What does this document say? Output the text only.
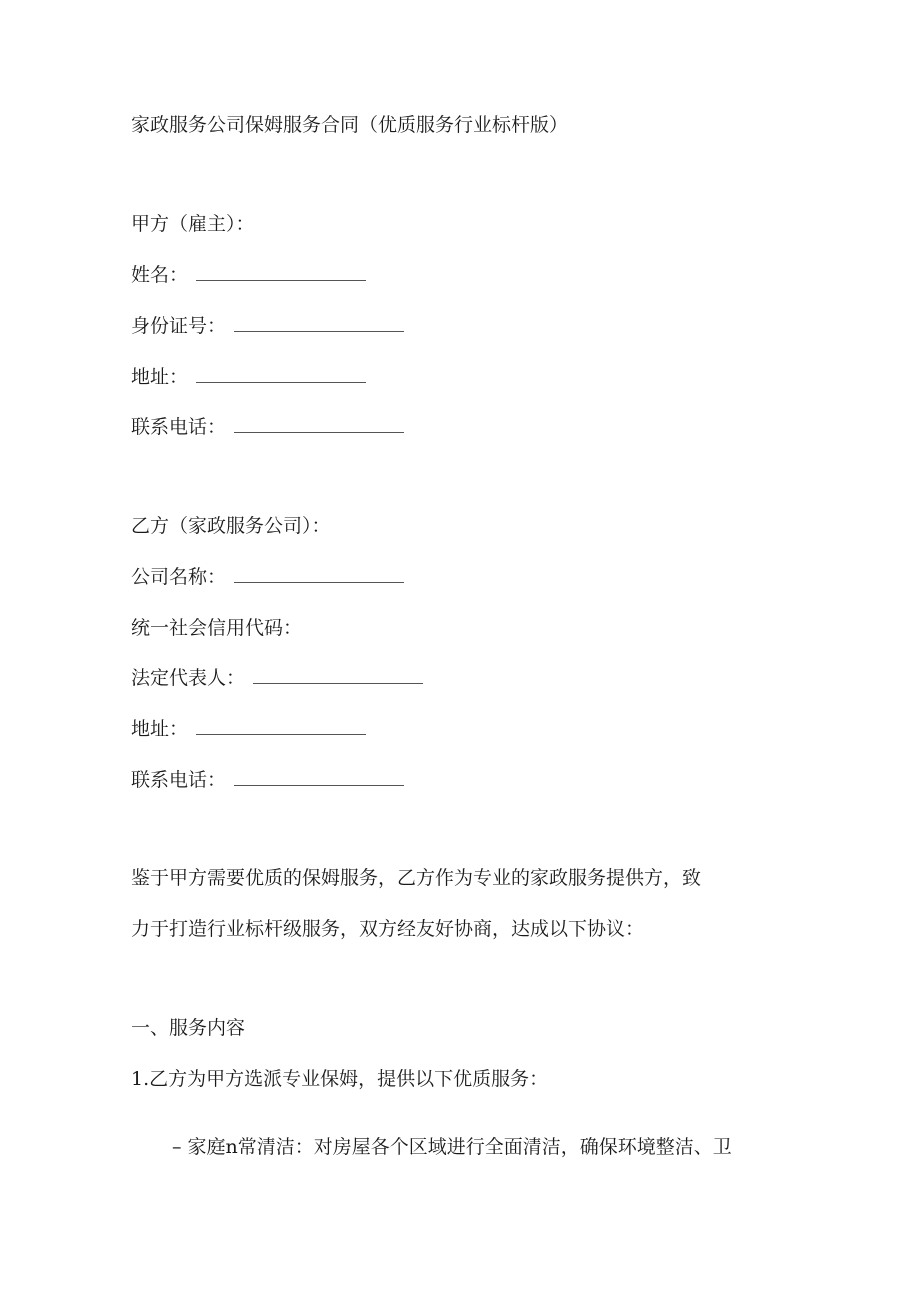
家政服务公司保姆服务合同（优质服务行业标杆版）
甲方（雇主）：
姓名：
身份证号：
地址：
联系电话：
乙方（家政服务公司）：
公司名称：
统一社会信用代码：
法定代表人：
地址：
联系电话：
鉴于甲方需要优质的保姆服务，乙方作为专业的家政服务提供方，致
力于打造行业标杆级服务，双方经友好协商，达成以下协议：
一、服务内容
1.乙方为甲方选派专业保姆，提供以下优质服务：
– 家庭n常清洁：对房屋各个区域进行全面清洁，确保环境整洁、卫
